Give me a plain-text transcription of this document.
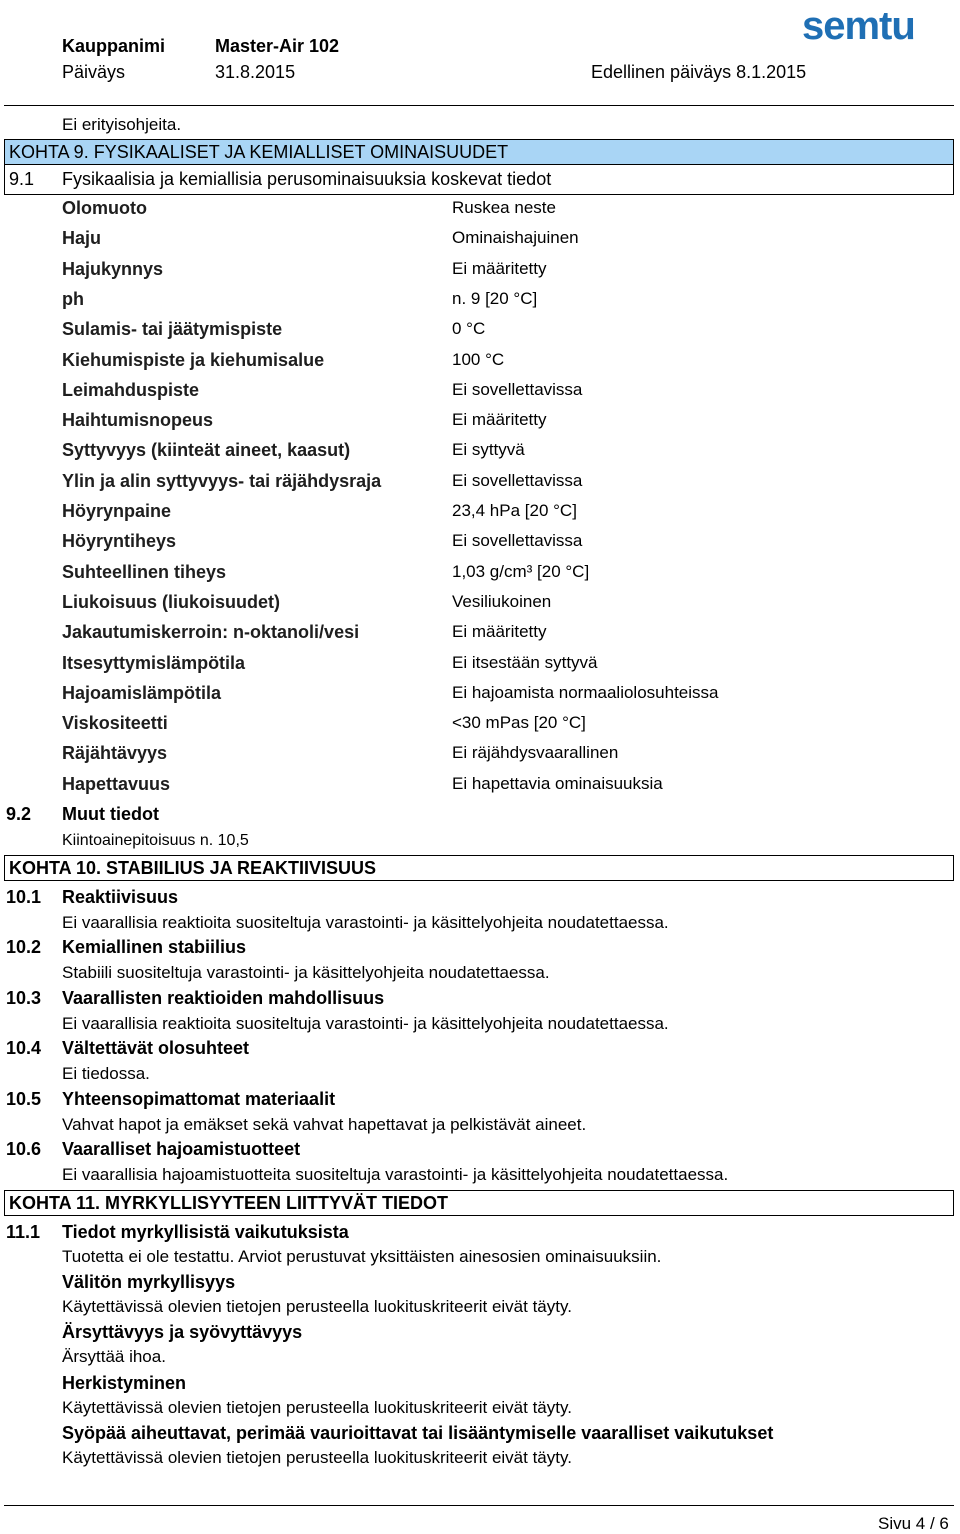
Kauppanimi	Master-Air 102
Päiväys	31.8.2015	Edellinen päiväys 8.1.2015
semtu
Ei erityisohjeita.
KOHTA 9. FYSIKAALISET JA KEMIALLISET OMINAISUUDET
9.1 Fysikaalisia ja kemiallisia perusominaisuuksia koskevat tiedot
Olomuoto	Ruskea neste
Haju	Ominaishajuinen
Hajukynnys	Ei määritetty
ph	n. 9 [20 °C]
Sulamis- tai jäätymispiste	0 °C
Kiehumispiste ja kiehumisalue	100 °C
Leimahduspiste	Ei sovellettavissa
Haihtumisnopeus	Ei määritetty
Syttyvyys (kiinteät aineet, kaasut)	Ei syttyvä
Ylin ja alin syttyvyys- tai räjähdysraja	Ei sovellettavissa
Höyrynpaine	23,4 hPa [20 °C]
Höyryntiheys	Ei sovellettavissa
Suhteellinen tiheys	1,03 g/cm³ [20 °C]
Liukoisuus (liukoisuudet)	Vesiliukoinen
Jakautumiskerroin: n-oktanoli/vesi	Ei määritetty
Itsesyttymislämpötila	Ei itsestään syttyvä
Hajoamislämpötila	Ei hajoamista normaaliolosuhteissa
Viskositeetti	<30 mPas [20 °C]
Räjähtävyys	Ei räjähdysvaarallinen
Hapettavuus	Ei hapettavia ominaisuuksia
9.2 Muut tiedot
Kiintoainepitoisuus n. 10,5
KOHTA 10. STABIILIUS JA REAKTIIVISUUS
10.1 Reaktiivisuus
Ei vaarallisia reaktioita suositeltuja varastointi- ja käsittelyohjeita noudatettaessa.
10.2 Kemiallinen stabiilius
Stabiili suositeltuja varastointi- ja käsittelyohjeita noudatettaessa.
10.3 Vaarallisten reaktioiden mahdollisuus
Ei vaarallisia reaktioita suositeltuja varastointi- ja käsittelyohjeita noudatettaessa.
10.4 Vältettävät olosuhteet
Ei tiedossa.
10.5 Yhteensopimattomat materiaalit
Vahvat hapot ja emäkset sekä vahvat hapettavat ja pelkistävät aineet.
10.6 Vaaralliset hajoamistuotteet
Ei vaarallisia hajoamistuotteita suositeltuja varastointi- ja käsittelyohjeita noudatettaessa.
KOHTA 11. MYRKYLLISYYTEEN LIITTYVÄT TIEDOT
11.1 Tiedot myrkyllisistä vaikutuksista
Tuotetta ei ole testattu. Arviot perustuvat yksittäisten ainesosien ominaisuuksiin.
Välitön myrkyllisyys
Käytettävissä olevien tietojen perusteella luokituskriteerit eivät täyty.
Ärsyttävyys ja syövyttävyys
Ärsyttää ihoa.
Herkistyminen
Käytettävissä olevien tietojen perusteella luokituskriteerit eivät täyty.
Syöpää aiheuttavat, perimää vaurioittavat tai lisääntymiselle vaaralliset vaikutukset
Käytettävissä olevien tietojen perusteella luokituskriteerit eivät täyty.
Sivu 4 / 6
